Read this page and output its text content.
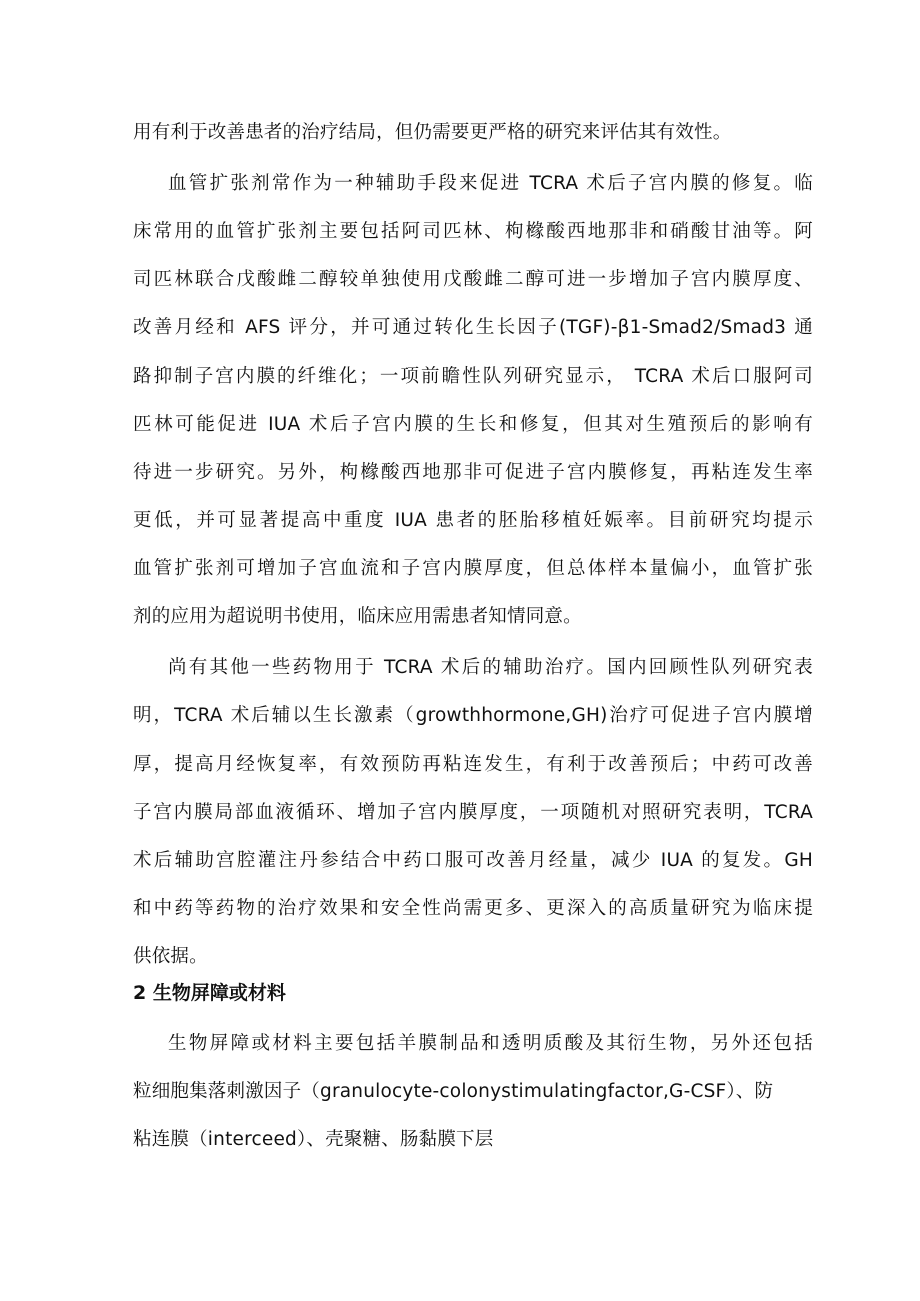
用有利于改善患者的治疗结局，但仍需要更严格的研究来评估其有效性。
血管扩张剂常作为一种辅助手段来促进 TCRA 术后子宫内膜的修复。临
床常用的血管扩张剂主要包括阿司匹林、枸橼酸西地那非和硝酸甘油等。阿
司匹林联合戊酸雌二醇较单独使用戊酸雌二醇可进一步增加子宫内膜厚度、
改善月经和 AFS 评分，并可通过转化生长因子(TGF)-β1-Smad2∕Smad3 通
路抑制子宫内膜的纤维化；一项前瞻性队列研究显示， TCRA 术后口服阿司
匹林可能促进 IUA 术后子宫内膜的生长和修复，但其对生殖预后的影响有
待进一步研究。另外，枸橼酸西地那非可促进子宫内膜修复，再粘连发生率
更低，并可显著提高中重度 IUA 患者的胚胎移植妊娠率。目前研究均提示
血管扩张剂可增加子宫血流和子宫内膜厚度，但总体样本量偏小，血管扩张
剂的应用为超说明书使用，临床应用需患者知情同意。
尚有其他一些药物用于 TCRA 术后的辅助治疗。国内回顾性队列研究表
明，TCRA 术后辅以生长激素（growthhormone,GH)治疗可促进子宫内膜增
厚，提高月经恢复率，有效预防再粘连发生，有利于改善预后；中药可改善
子宫内膜局部血液循环、增加子宫内膜厚度，一项随机对照研究表明，TCRA
术后辅助宫腔灌注丹参结合中药口服可改善月经量，减少 IUA 的复发。GH
和中药等药物的治疗效果和安全性尚需更多、更深入的高质量研究为临床提
供依据。
2 生物屏障或材料
生物屏障或材料主要包括羊膜制品和透明质酸及其衍生物，另外还包括
粒细胞集落刺激因子（granulocyte-colonystimulatingfactor,G-CSF）、防
粘连膜（interceed）、壳聚糖、肠黏膜下层
